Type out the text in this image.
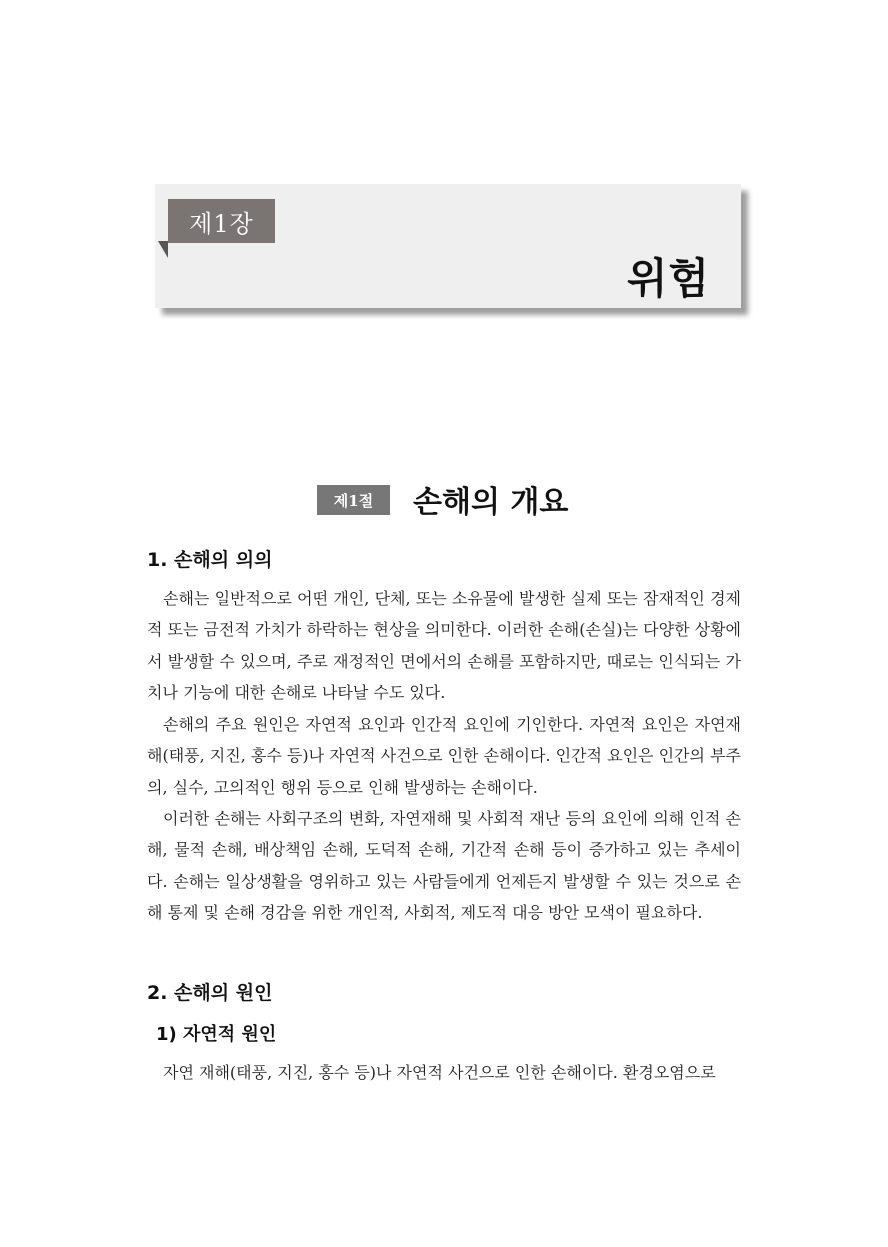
제1장
위험
제1절	손해의 개요
1. 손해의 의의

손해는 일반적으로 어떤 개인, 단체, 또는 소유물에 발생한 실제 또는 잠재적인 경제적 또는 금전적 가치가 하락하는 현상을 의미한다. 이러한 손해(손실)는 다양한 상황에서 발생할 수 있으며, 주로 재정적인 면에서의 손해를 포함하지만, 때로는 인식되는 가치나 기능에 대한 손해로 나타날 수도 있다.

손해의 주요 원인은 자연적 요인과 인간적 요인에 기인한다. 자연적 요인은 자연재해(태풍, 지진, 홍수 등)나 자연적 사건으로 인한 손해이다. 인간적 요인은 인간의 부주의, 실수, 고의적인 행위 등으로 인해 발생하는 손해이다.

이러한 손해는 사회구조의 변화, 자연재해 및 사회적 재난 등의 요인에 의해 인적 손해, 물적 손해, 배상책임 손해, 도덕적 손해, 기간적 손해 등이 증가하고 있는 추세이다. 손해는 일상생활을 영위하고 있는 사람들에게 언제든지 발생할 수 있는 것으로 손해 통제 및 손해 경감을 위한 개인적, 사회적, 제도적 대응 방안 모색이 필요하다.

2. 손해의 원인
1) 자연적 원인

자연 재해(태풍, 지진, 홍수 등)나 자연적 사건으로 인한 손해이다. 환경오염으로
